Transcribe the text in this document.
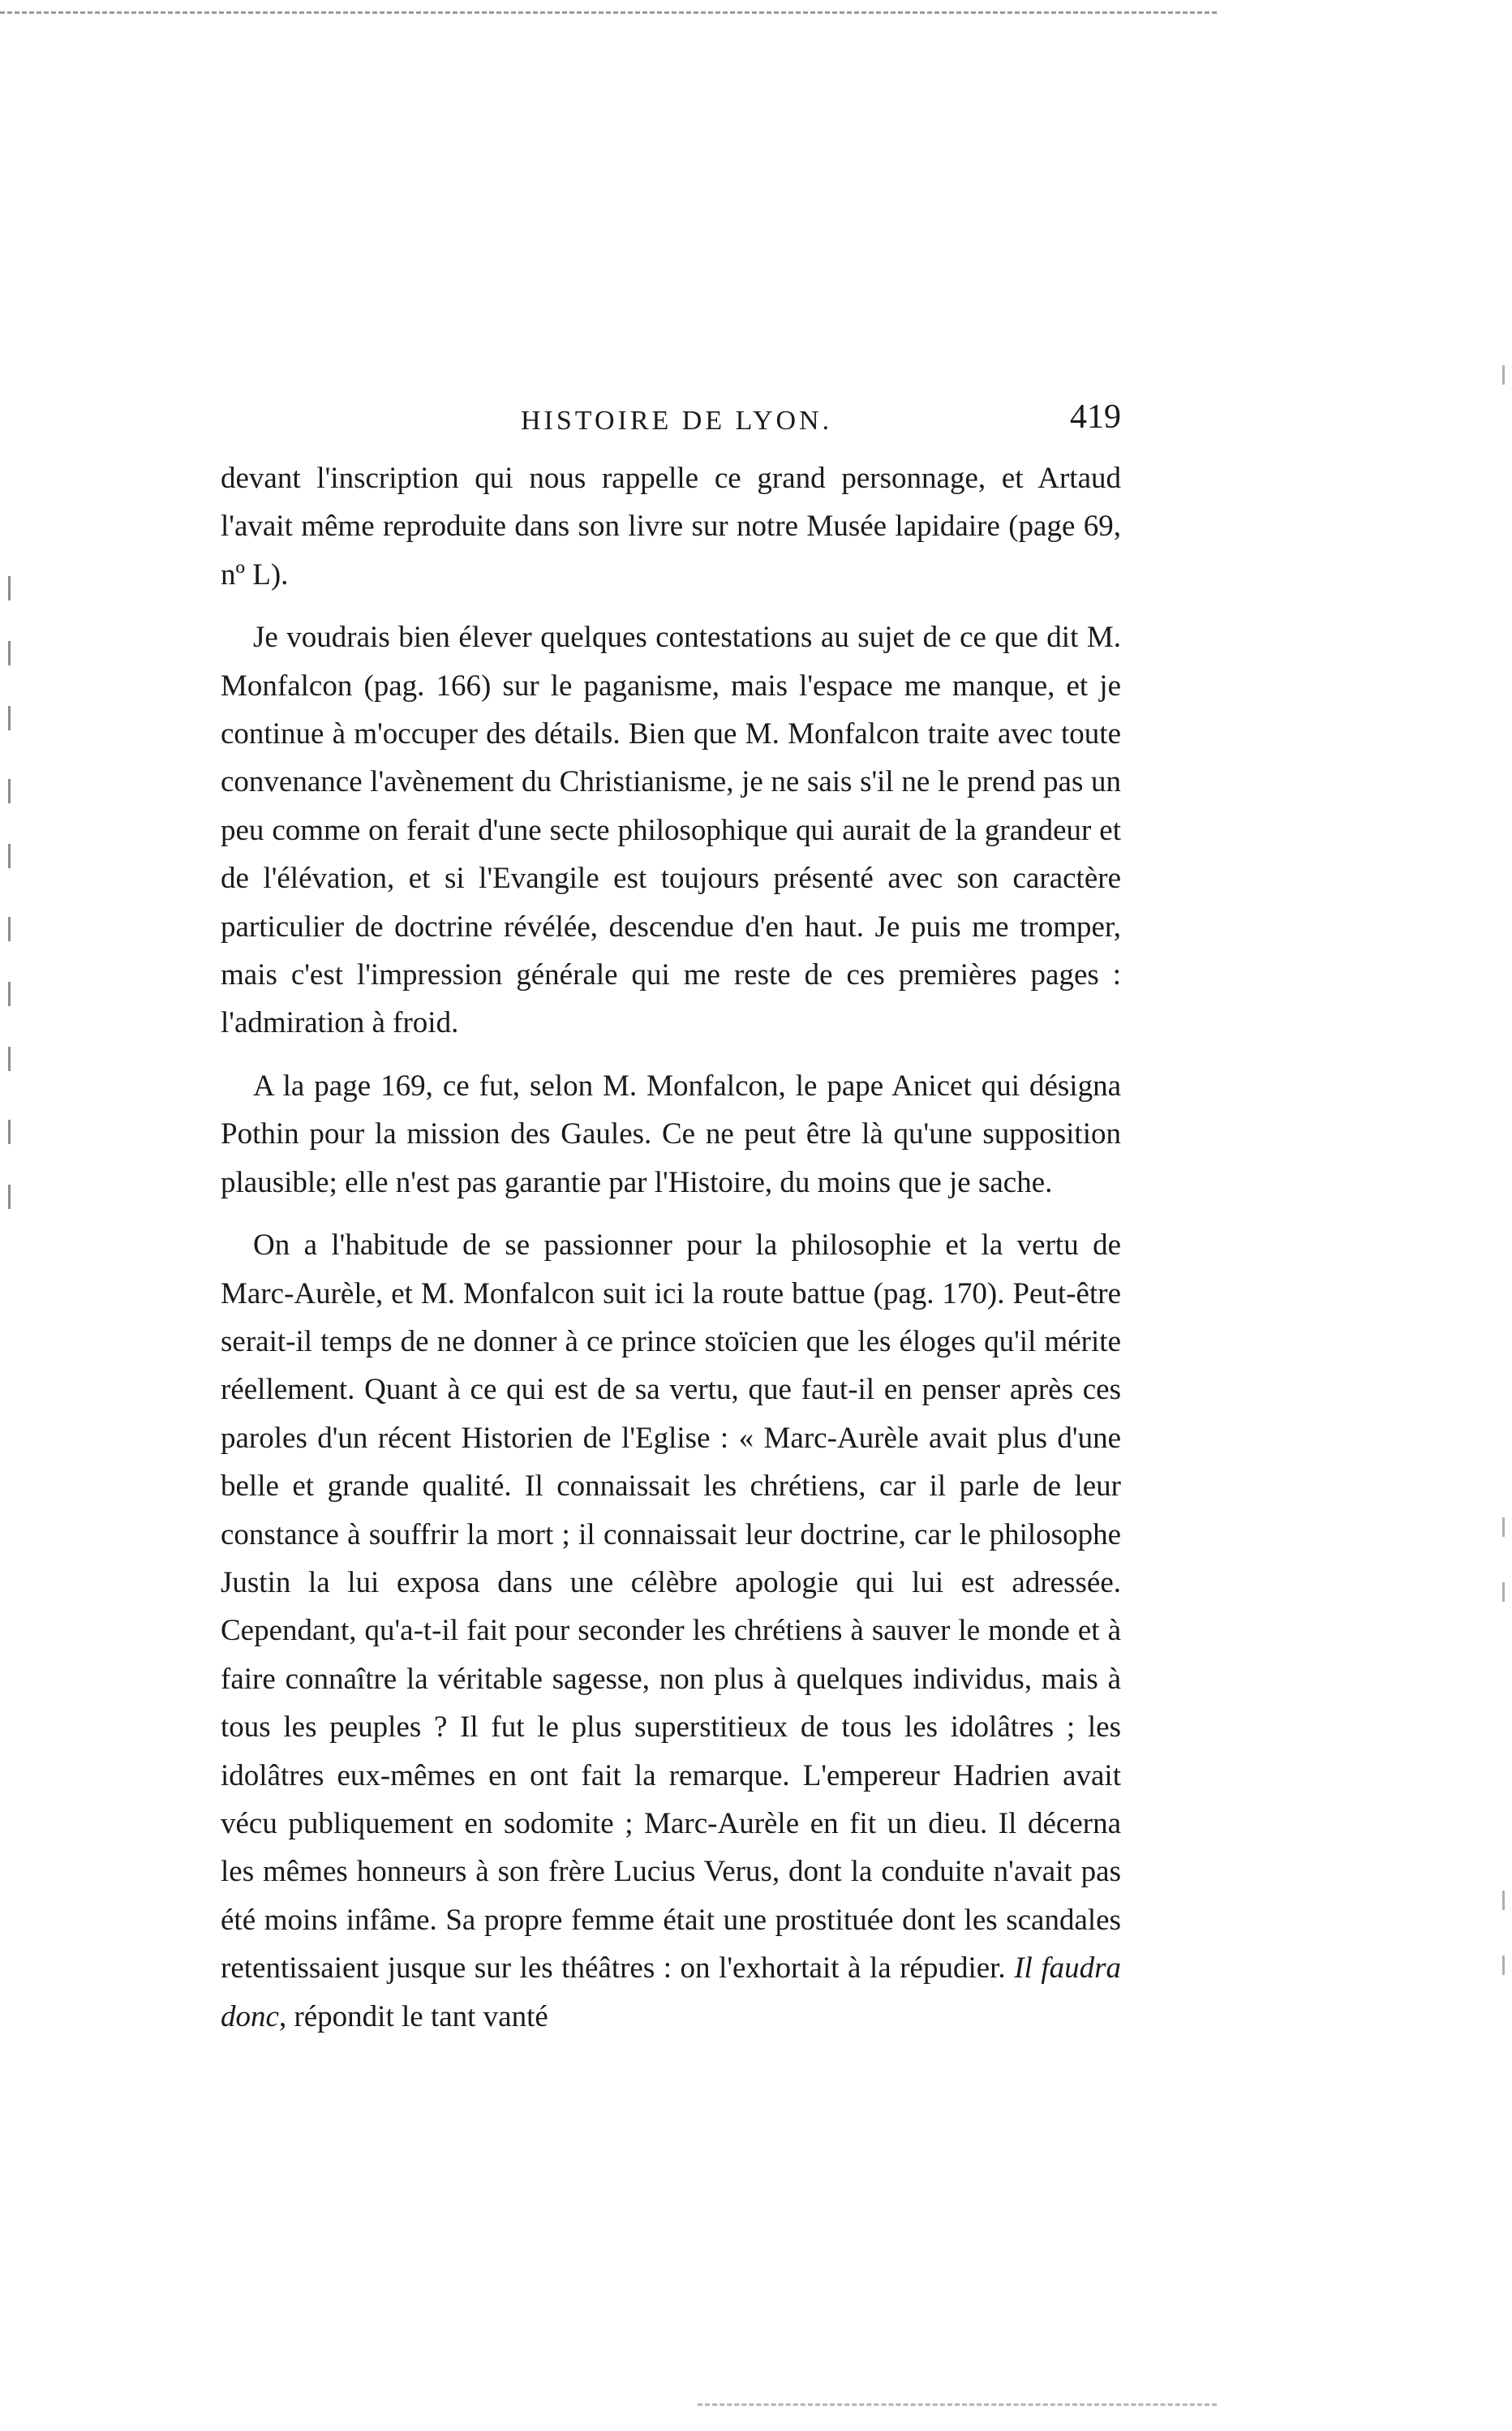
HISTOIRE DE LYON.	419

devant l'inscription qui nous rappelle ce grand personnage, et Artaud l'avait même reproduite dans son livre sur notre Musée lapidaire (page 69, nº L).

Je voudrais bien élever quelques contestations au sujet de ce que dit M. Monfalcon (pag. 166) sur le paganisme, mais l'espace me manque, et je continue à m'occuper des détails. Bien que M. Monfalcon traite avec toute convenance l'avènement du Christianisme, je ne sais s'il ne le prend pas un peu comme on ferait d'une secte philosophique qui aurait de la grandeur et de l'élévation, et si l'Evangile est toujours présenté avec son caractère particulier de doctrine révélée, descendue d'en haut. Je puis me tromper, mais c'est l'impression générale qui me reste de ces premières pages : l'admiration à froid.

A la page 169, ce fut, selon M. Monfalcon, le pape Anicet qui désigna Pothin pour la mission des Gaules. Ce ne peut être là qu'une supposition plausible; elle n'est pas garantie par l'Histoire, du moins que je sache.

On a l'habitude de se passionner pour la philosophie et la vertu de Marc-Aurèle, et M. Monfalcon suit ici la route battue (pag. 170). Peut-être serait-il temps de ne donner à ce prince stoïcien que les éloges qu'il mérite réellement. Quant à ce qui est de sa vertu, que faut-il en penser après ces paroles d'un récent Historien de l'Eglise : « Marc-Aurèle avait plus d'une belle et grande qualité. Il connaissait les chrétiens, car il parle de leur constance à souffrir la mort ; il connaissait leur doctrine, car le philosophe Justin la lui exposa dans une célèbre apologie qui lui est adressée. Cependant, qu'a-t-il fait pour seconder les chrétiens à sauver le monde et à faire connaître la véritable sagesse, non plus à quelques individus, mais à tous les peuples ? Il fut le plus superstitieux de tous les idolâtres ; les idolâtres eux-mêmes en ont fait la remarque. L'empereur Hadrien avait vécu publiquement en sodomite ; Marc-Aurèle en fit un dieu. Il décerna les mêmes honneurs à son frère Lucius Verus, dont la conduite n'avait pas été moins infâme. Sa propre femme était une prostituée dont les scandales retentissaient jusque sur les théâtres : on l'exhortait à la répudier. Il faudra donc, répondit le tant vanté
